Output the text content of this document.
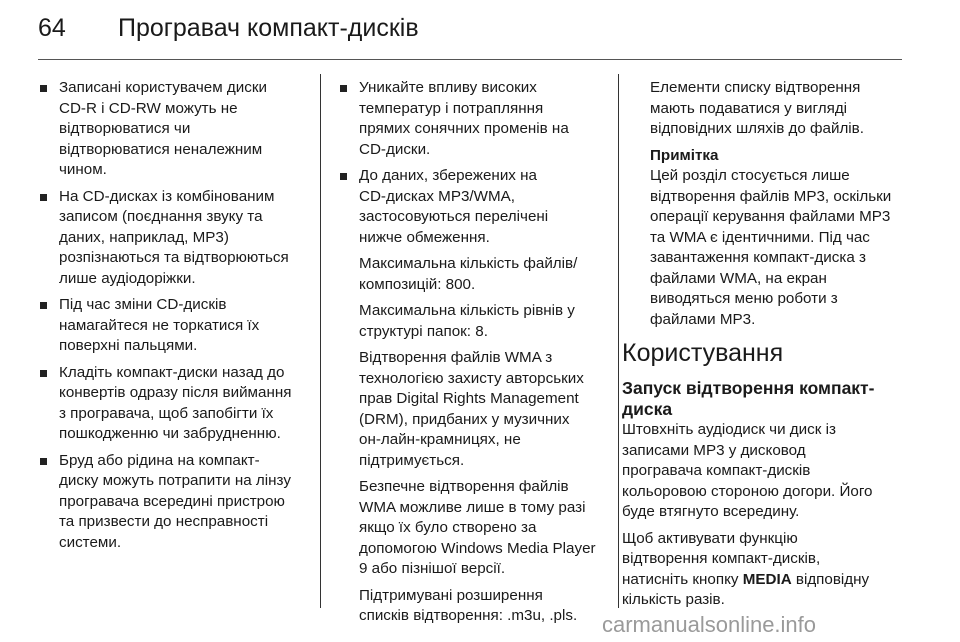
64 Програвач компакт-дисків
Записані користувачем диски
CD-R і CD-RW можуть не
відтворюватися чи
відтворюватися неналежним
чином.
На CD-дисках із комбінованим
записом (поєднання звуку та
даних, наприклад, MP3)
розпізнаються та відтворюються
лише аудіодоріжки.
Під час зміни CD-дисків
намагайтеся не торкатися їх
поверхні пальцями.
Кладіть компакт-диски назад до
конвертів одразу після виймання
з програвача, щоб запобігти їх
пошкодженню чи забрудненню.
Бруд або рідина на компакт-
диску можуть потрапити на лінзу
програвача всередині пристрою
та призвести до несправності
системи.
Уникайте впливу високих
температур і потрапляння
прямих сонячних променів на
CD-диски.
До даних, збережених на
CD-дисках MP3/WMA,
застосовуються перелічені
нижче обмеження.
Максимальна кількість файлів/
композицій: 800.
Максимальна кількість рівнів у
структурі папок: 8.
Відтворення файлів WMA з
технологією захисту авторських
прав Digital Rights Management
(DRM), придбаних у музичних
он-лайн-крамницях, не
підтримується.
Безпечне відтворення файлів
WMA можливе лише в тому разі
якщо їх було створено за
допомогою Windows Media Player
9 або пізнішої версії.
Підтримувані розширення
списків відтворення: .m3u, .pls.
Елементи списку відтворення
мають подаватися у вигляді
відповідних шляхів до файлів.
Примітка
Цей розділ стосується лише
відтворення файлів MP3, оскільки
операції керування файлами MP3
та WMA є ідентичними. Під час
завантаження компакт-диска з
файлами WMA, на екран
виводяться меню роботи з
файлами MP3.
Користування
Запуск відтворення компакт-
диска
Штовхніть аудіодиск чи диск із
записами MP3 у дисковод
програвача компакт-дисків
кольоровою стороною догори. Його
буде втягнуто всередину.
Щоб активувати функцію
відтворення компакт-дисків,
натисніть кнопку MEDIA відповідну
кількість разів.
carmanualsonline.info
